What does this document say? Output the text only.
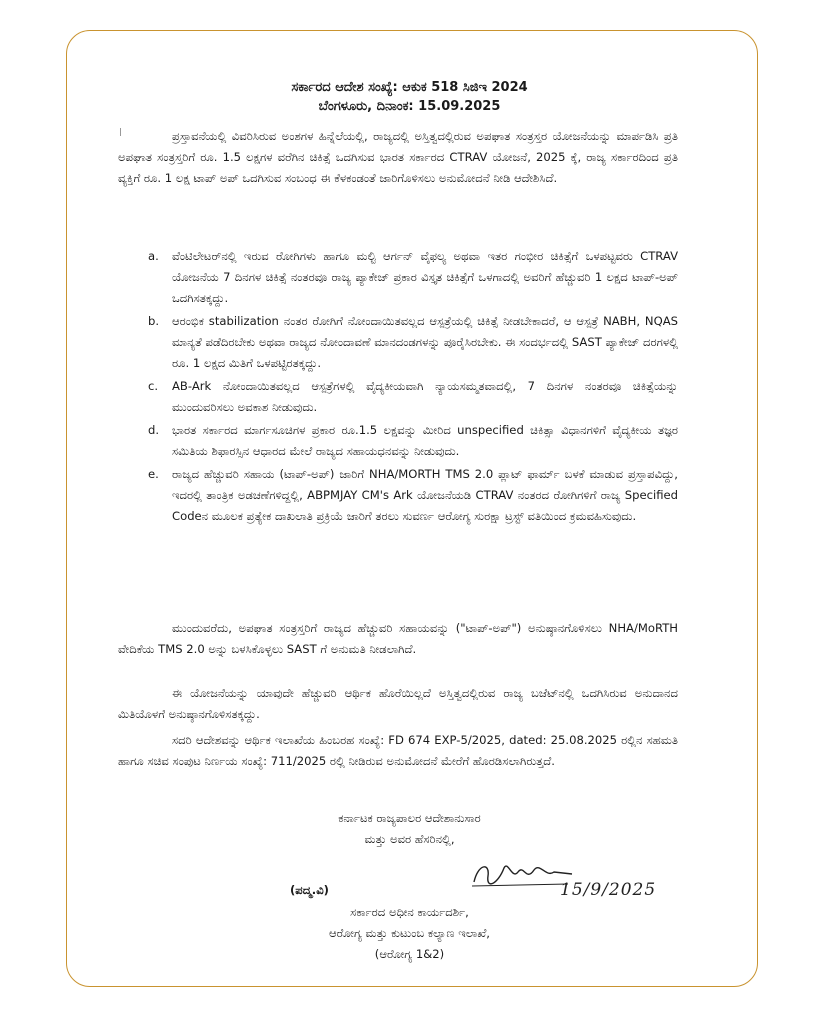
ಸರ್ಕಾರದ ಆದೇಶ ಸಂಖ್ಯೆ: ಆಕುಕ 518 ಸಿಜಿಇ 2024
ಬೆಂಗಳೂರು, ದಿನಾಂಕ: 15.09.2025
ಪ್ರಸ್ತಾವನೆಯಲ್ಲಿ ವಿವರಿಸಿರುವ ಅಂಶಗಳ ಹಿನ್ನೆಲೆಯಲ್ಲಿ, ರಾಜ್ಯದಲ್ಲಿ ಅಸ್ತಿತ್ವದಲ್ಲಿರುವ ಅಪಘಾತ ಸಂತ್ರಸ್ತರ ಯೋಜನೆಯನ್ನು ಮಾರ್ಪಡಿಸಿ ಪ್ರತಿ ಅಪಘಾತ ಸಂತ್ರಸ್ತರಿಗೆ ರೂ. 1.5 ಲಕ್ಷಗಳ ವರೆಗಿನ ಚಿಕಿತ್ಸೆ ಒದಗಿಸುವ ಭಾರತ ಸರ್ಕಾರದ CTRAV ಯೋಜನೆ, 2025 ಕ್ಕೆ, ರಾಜ್ಯ ಸರ್ಕಾರದಿಂದ ಪ್ರತಿ ವ್ಯಕ್ತಿಗೆ ರೂ. 1 ಲಕ್ಷ ಟಾಪ್ ಅಪ್ ಒದಗಿಸುವ ಸಂಬಂಧ ಈ ಕೆಳಕಂಡಂತೆ ಜಾರಿಗೊಳಿಸಲು ಅನುಮೋದನೆ ನೀಡಿ ಆದೇಶಿಸಿದೆ.
a. ವೆಂಟಿಲೇಟರ್‌ನಲ್ಲಿ ಇರುವ ರೋಗಿಗಳು ಹಾಗೂ ಮಲ್ಟಿ ಆರ್ಗನ್ ವೈಫಲ್ಯ ಅಥವಾ ಇತರ ಗಂಭೀರ ಚಿಕಿತ್ಸೆಗೆ ಒಳಪಟ್ಟವರು CTRAV ಯೋಜನೆಯ 7 ದಿನಗಳ ಚಿಕಿತ್ಸೆ ನಂತರವೂ ರಾಜ್ಯ ಪ್ಯಾಕೇಜ್ ಪ್ರಕಾರ ವಿಸ್ತೃತ ಚಿಕಿತ್ಸೆಗೆ ಒಳಗಾದಲ್ಲಿ ಅವರಿಗೆ ಹೆಚ್ಚುವರಿ 1 ಲಕ್ಷದ ಟಾಪ್-ಅಪ್ ಒದಗಿಸತಕ್ಕದ್ದು.
b. ಆರಂಭಿಕ stabilization ನಂತರ ರೋಗಿಗೆ ನೋಂದಾಯಿತವಲ್ಲದ ಆಸ್ಪತ್ರೆಯಲ್ಲಿ ಚಿಕಿತ್ಸೆ ನೀಡಬೇಕಾದರೆ, ಆ ಆಸ್ಪತ್ರೆ NABH, NQAS ಮಾನ್ಯತೆ ಪಡೆದಿರಬೇಕು ಅಥವಾ ರಾಜ್ಯದ ನೋಂದಾವಣೆ ಮಾನದಂಡಗಳನ್ನು ಪೂರೈಸಿರಬೇಕು. ಈ ಸಂದರ್ಭದಲ್ಲಿ SAST ಪ್ಯಾಕೇಜ್ ದರಗಳಲ್ಲಿ ರೂ. 1 ಲಕ್ಷದ ಮಿತಿಗೆ ಒಳಪಟ್ಟಿರತಕ್ಕದ್ದು.
c. AB-Ark ನೋಂದಾಯಿತವಲ್ಲದ ಆಸ್ಪತ್ರೆಗಳಲ್ಲಿ ವೈದ್ಯಕೀಯವಾಗಿ ನ್ಯಾಯಸಮ್ಮತವಾದಲ್ಲಿ, 7 ದಿನಗಳ ನಂತರವೂ ಚಿಕಿತ್ಸೆಯನ್ನು ಮುಂದುವರಿಸಲು ಅವಕಾಶ ನೀಡುವುದು.
d. ಭಾರತ ಸರ್ಕಾರದ ಮಾರ್ಗಸೂಚಿಗಳ ಪ್ರಕಾರ ರೂ.1.5 ಲಕ್ಷವನ್ನು ಮೀರಿದ unspecified ಚಿಕಿತ್ಸಾ ವಿಧಾನಗಳಿಗೆ ವೈದ್ಯಕೀಯ ತಜ್ಞರ ಸಮಿತಿಯ ಶಿಫಾರಸ್ಸಿನ ಆಧಾರದ ಮೇಲೆ ರಾಜ್ಯದ ಸಹಾಯಧನವನ್ನು ನೀಡುವುದು.
e. ರಾಜ್ಯದ ಹೆಚ್ಚುವರಿ ಸಹಾಯ (ಟಾಪ್-ಅಪ್) ಜಾರಿಗೆ NHA/MORTH TMS 2.0 ಪ್ಲಾಟ್ ಫಾರ್ಮ್ ಬಳಕೆ ಮಾಡುವ ಪ್ರಸ್ತಾಪವಿದ್ದು, ಇದರಲ್ಲಿ ತಾಂತ್ರಿಕ ಅಡಚಣೆಗಳಿದ್ದಲ್ಲಿ, ABPMJAY CM's Ark ಯೋಜನೆಯಡಿ CTRAV ನಂತರದ ರೋಗಿಗಳಿಗೆ ರಾಜ್ಯ Specified Codeನ ಮೂಲಕ ಪ್ರತ್ಯೇಕ ದಾಖಲಾತಿ ಪ್ರಕ್ರಿಯೆ ಜಾರಿಗೆ ತರಲು ಸುವರ್ಣ ಆರೋಗ್ಯ ಸುರಕ್ಷಾ ಟ್ರಸ್ಟ್ ವತಿಯಿಂದ ಕ್ರಮವಹಿಸುವುದು.
ಮುಂದುವರೆದು, ಅಪಘಾತ ಸಂತ್ರಸ್ತರಿಗೆ ರಾಜ್ಯದ ಹೆಚ್ಚುವರಿ ಸಹಾಯವನ್ನು ("ಟಾಪ್-ಅಪ್") ಅನುಷ್ಠಾನಗೊಳಿಸಲು NHA/MoRTH ವೇದಿಕೆಯ TMS 2.0 ಅನ್ನು ಬಳಸಿಕೊಳ್ಳಲು SAST ಗೆ ಅನುಮತಿ ನೀಡಲಾಗಿದೆ.
ಈ ಯೋಜನೆಯನ್ನು ಯಾವುದೇ ಹೆಚ್ಚುವರಿ ಆರ್ಥಿಕ ಹೊರೆಯಿಲ್ಲದೆ ಅಸ್ತಿತ್ವದಲ್ಲಿರುವ ರಾಜ್ಯ ಬಜೆಟ್‌ನಲ್ಲಿ ಒದಗಿಸಿರುವ ಅನುದಾನದ ಮಿತಿಯೊಳಗೆ ಅನುಷ್ಠಾನಗೊಳಿಸತಕ್ಕದ್ದು.
ಸದರಿ ಆದೇಶವನ್ನು ಆರ್ಥಿಕ ಇಲಾಖೆಯ ಹಿಂಬರಹ ಸಂಖ್ಯೆ: FD 674 EXP-5/2025, dated: 25.08.2025 ರಲ್ಲಿನ ಸಹಮತಿ ಹಾಗೂ ಸಚಿವ ಸಂಪುಟ ನಿರ್ಣಯ ಸಂಖ್ಯೆ: 711/2025 ರಲ್ಲಿ ನೀಡಿರುವ ಅನುಮೋದನೆ ಮೇರೆಗೆ ಹೊರಡಿಸಲಾಗಿರುತ್ತದೆ.
ಕರ್ನಾಟಕ ರಾಜ್ಯಪಾಲರ ಆದೇಶಾನುಸಾರ
ಮತ್ತು ಅವರ ಹೆಸರಿನಲ್ಲಿ,
15/9/2025
(ಪದ್ಮ.ವಿ)
ಸರ್ಕಾರದ ಅಧೀನ ಕಾರ್ಯದರ್ಶಿ,
ಆರೋಗ್ಯ ಮತ್ತು ಕುಟುಂಬ ಕಲ್ಯಾಣ ಇಲಾಖೆ,
(ಆರೋಗ್ಯ 1&2)
